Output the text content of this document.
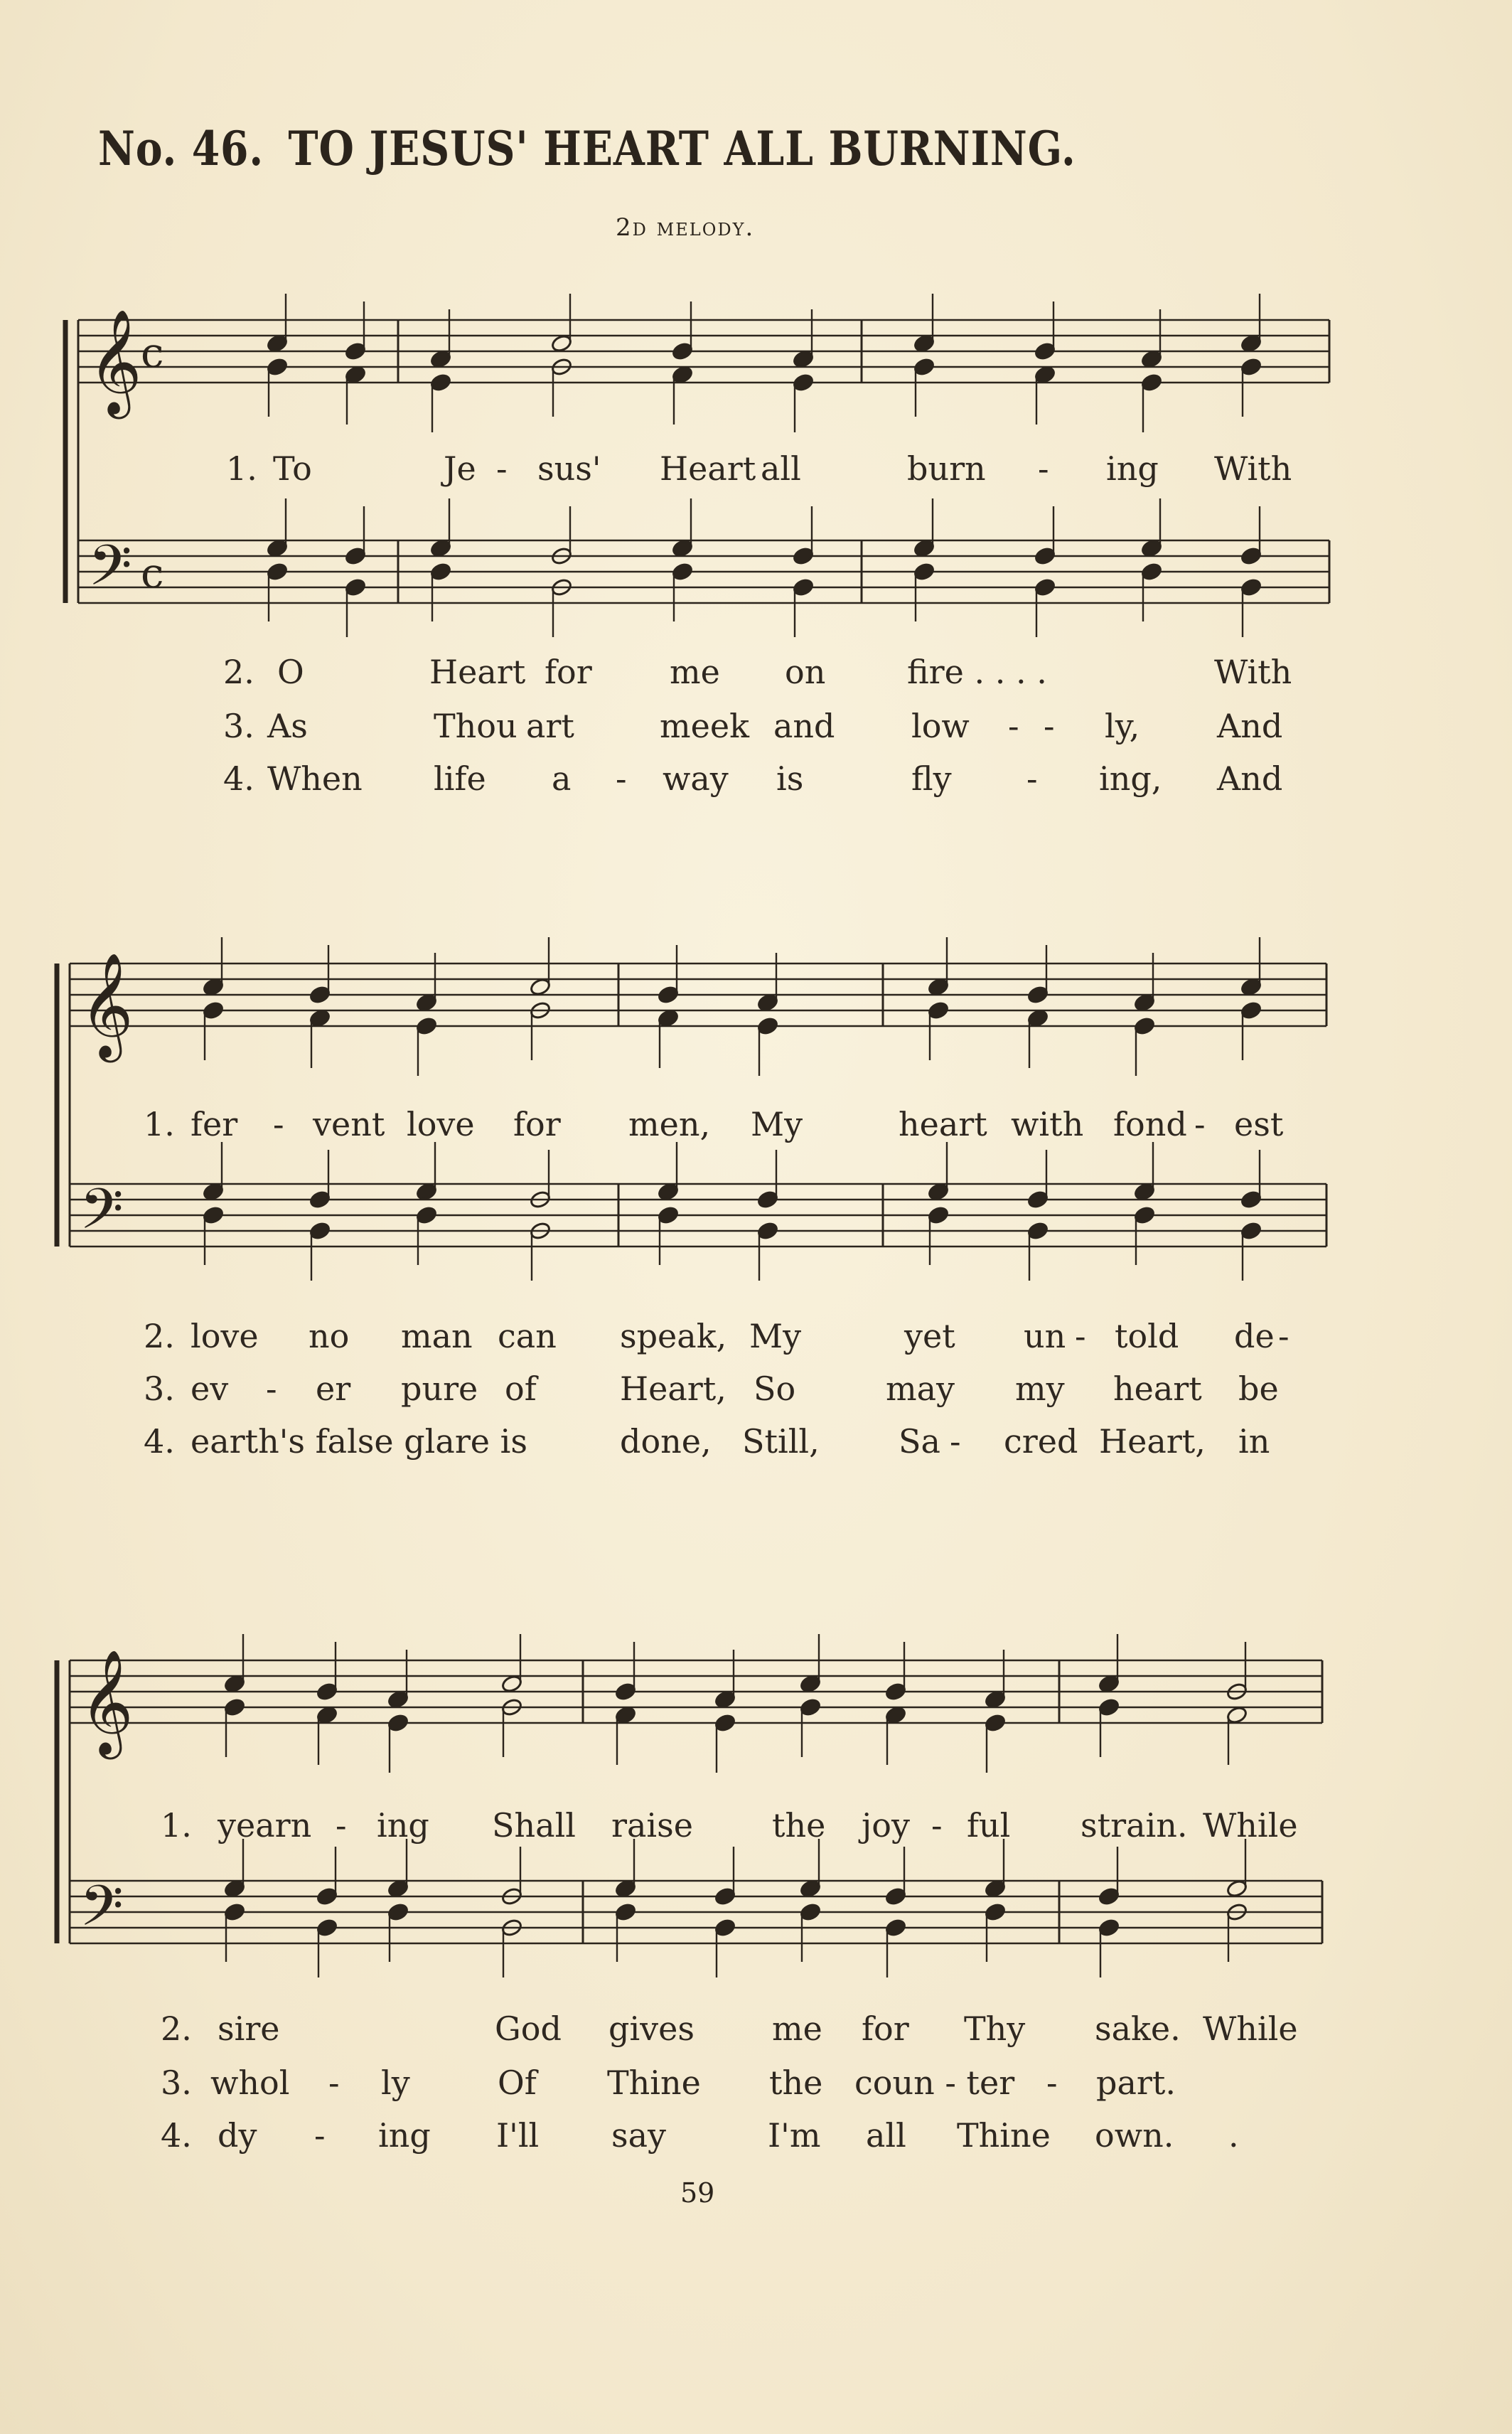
No. 46. TO JESUS' HEART ALL BURNING.
2d melody.
𝄞
𝄢
c
c
𝄞
𝄢
𝄞
𝄢
1. To	Je - sus' Heart all	burn - ing With
2. O	Heart for me on fire . . . .	With
3. As	Thou art	meek and low - - ly, And
4. When life a - way is	fly - ing, And
1. fer - vent love for men, My	heart with fond - est
2. love no man can speak, My	yet un - told de -
3. ev - er pure of	Heart, So	may my heart be
4. earth's false glare is	done, Still, Sa - cred Heart, in
1. yearn - ing Shall raise the joy - ful strain. While
2. sire	God gives me for Thy sake. While
3. whol - ly	Of Thine the coun - ter - part.
4. dy - ing I'll say	I'm all Thine own. .
59
